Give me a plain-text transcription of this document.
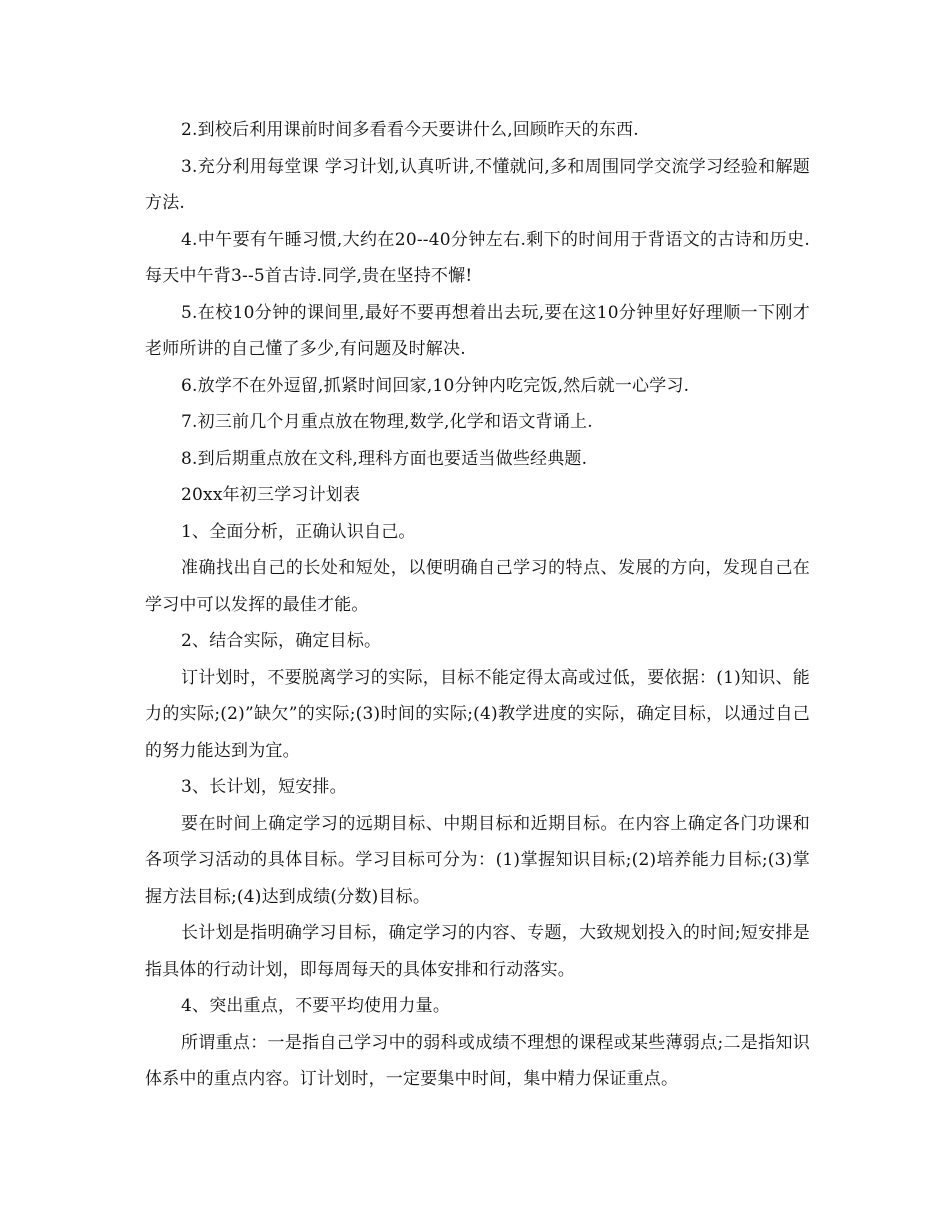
2.到校后利用课前时间多看看今天要讲什么,回顾昨天的东西.

3.充分利用每堂课 学习计划,认真听讲,不懂就问,多和周围同学交流学习经验和解题方法.

4.中午要有午睡习惯,大约在20--40分钟左右.剩下的时间用于背语文的古诗和历史.每天中午背3--5首古诗.同学,贵在坚持不懈!

5.在校10分钟的课间里,最好不要再想着出去玩,要在这10分钟里好好理顺一下刚才老师所讲的自己懂了多少,有问题及时解决.

6.放学不在外逗留,抓紧时间回家,10分钟内吃完饭,然后就一心学习.

7.初三前几个月重点放在物理,数学,化学和语文背诵上.

8.到后期重点放在文科,理科方面也要适当做些经典题.

20xx年初三学习计划表

1、全面分析，正确认识自己。

准确找出自己的长处和短处，以便明确自己学习的特点、发展的方向，发现自己在学习中可以发挥的最佳才能。

2、结合实际，确定目标。

订计划时，不要脱离学习的实际，目标不能定得太高或过低，要依据：(1)知识、能力的实际;(2)”缺欠”的实际;(3)时间的实际;(4)教学进度的实际，确定目标，以通过自己的努力能达到为宜。

3、长计划，短安排。

要在时间上确定学习的远期目标、中期目标和近期目标。在内容上确定各门功课和各项学习活动的具体目标。学习目标可分为：(1)掌握知识目标;(2)培养能力目标;(3)掌握方法目标;(4)达到成绩(分数)目标。

长计划是指明确学习目标，确定学习的内容、专题，大致规划投入的时间;短安排是指具体的行动计划，即每周每天的具体安排和行动落实。

4、突出重点，不要平均使用力量。

所谓重点：一是指自己学习中的弱科或成绩不理想的课程或某些薄弱点;二是指知识体系中的重点内容。订计划时，一定要集中时间，集中精力保证重点。
